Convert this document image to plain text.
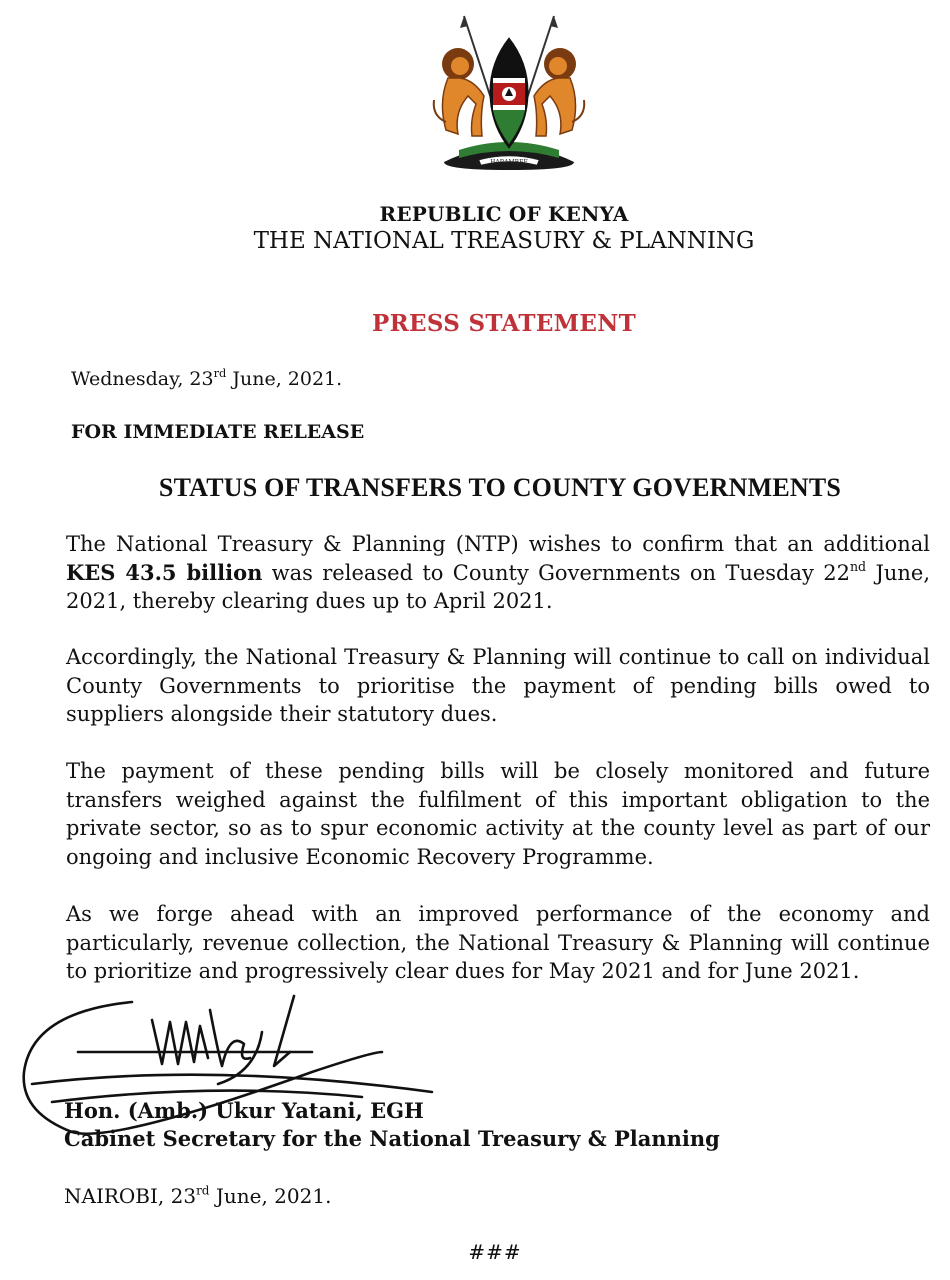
HARAMBEE
REPUBLIC OF KENYA
THE NATIONAL TREASURY & PLANNING
PRESS STATEMENT
Wednesday, 23rd June, 2021.
FOR IMMEDIATE RELEASE
STATUS OF TRANSFERS TO COUNTY GOVERNMENTS

The National Treasury & Planning (NTP) wishes to confirm that an additional KES 43.5 billion was released to County Governments on Tuesday 22nd June, 2021, thereby clearing dues up to April 2021.

Accordingly, the National Treasury & Planning will continue to call on individual County Governments to prioritise the payment of pending bills owed to suppliers alongside their statutory dues.

The payment of these pending bills will be closely monitored and future transfers weighed against the fulfilment of this important obligation to the private sector, so as to spur economic activity at the county level as part of our ongoing and inclusive Economic Recovery Programme.

As we forge ahead with an improved performance of the economy and particularly, revenue collection, the National Treasury & Planning will continue to prioritize and progressively clear dues for May 2021 and for June 2021.

Hon. (Amb.) Ukur Yatani, EGH
Cabinet Secretary for the National Treasury & Planning
NAIROBI, 23rd June, 2021.
###
